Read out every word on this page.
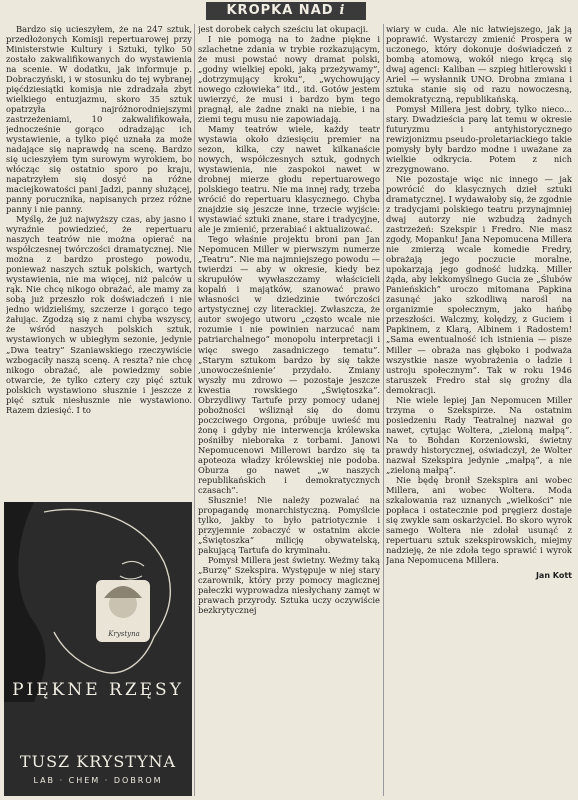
KROPKA NAD i

Bardzo się ucieszyłem, że na 247 sztuk, przedłożonych Komisji repertuarowej przy Ministerstwie Kultury i Sztuki, tylko 50 zostało zakwalifikowanych do wystawienia na scenie. W dodatku, jak informuje p. Dobraczyński, i w stosunku do tej wybranej pięćdziesiątki komisja nie zdradzała zbyt wielkiego entuzjazmu, skoro 35 sztuk opatrzyła najróżnorodniejszymi zastrzeżeniami, 10 zakwalifikowała, jednocześnie gorąco odradzając ich wystawienie, a tylko pięć uznała za może nadające się naprawdę na scenę. Bardzo się ucieszyłem tym surowym wyrokiem, bo włócząc się ostatnio sporo po kraju, napatrzyłem się dosyć na różne maciejkowatości pani Jadzi, panny służącej, panny porucznika, napisanych przez różne panny i nie panny.

Myślę, że już najwyższy czas, aby jasno i wyraźnie powiedzieć, że repertuaru naszych teatrów nie można opierać na współczesnej twórczości dramatycznej. Nie można z bardzo prostego powodu, ponieważ naszych sztuk polskich, wartych wystawienia, nie ma więcej, niż palców u rąk. Nie chcę nikogo obrażać, ale mamy za sobą już przeszło rok doświadczeń i nie jedno widzieliśmy, szczerze i gorąco tego żałując. Zgodzą się z nami chyba wszyscy, że wśród naszych polskich sztuk, wystawionych w ubiegłym sezonie, jedynie „Dwa teatry” Szaniawskiego rzeczywiście wzbogaciły naszą scenę. A reszta? nie chcę nikogo obrażać, ale powiedzmy sobie otwarcie, że tylko cztery czy pięć sztuk polskich wystawiono słusznie i jeszcze z pięć sztuk niesłusznie nie wystawiono. Razem dziesięć. I to

jest dorobek całych sześciu lat okupacji.

I nie pomogą na to żadne piękne i szlachetne zdania w trybie rozkazującym, że musi powstać nowy dramat polski, „godny wielkiej epoki, jaką przeżywamy”, „dotrzymujący kroku”, „wychowujący nowego człowieka” itd., itd. Gotów jestem uwierzyć, że musi i bardzo bym tego pragnął, ale żadne znaki na niebie, i na ziemi tegu musu nie zapowiadają.

Mamy teatrów wiele, każdy teatr wystawia około dziesięciu premier na sezon, kilka, czy nawet kilkanaście nowych, współczesnych sztuk, godnych wystawienia, nie zaspokoi nawet w drobnej mierze głodu repertuarowego polskiego teatru. Nie ma innej rady, trzeba wrócić do repertuaru klasycznego. Chyba znajdzie się jeszcze inne, trzecie wyjście: wystawiać sztuki znane, stare i tradycyjne, ale je zmienić, przerabiać i aktualizować.

Tego właśnie projektu broni pan Jan Nepomucen Miller w pierwszym numerze „Teatru”. Nie ma najmniejszego powodu — twierdzi — aby w okresie, kiedy bez skrupułów wywłaszczamy właścicieli kopalń i majątków, szanować prawo własności w dziedzinie twórczości artystycznej czy literackiej. Zwłaszcza, że autor swojego utworu „często wcale nie rozumie i nie powinien narzucać nam patriarchalnego” monopolu interpretacji i więc swego zasadniczego tematu”. „Starym sztukom bardzo by się także ‚unowocześnienie’ przydało. Zmiany wyszły mu zdrowo — pozostaje jeszcze kwestia rowskiego „Świętoszka”. Obrzydliwy Tartufe przy pomocy udanej pobożności wśliznął się do domu poczciwego Orgona, próbuje uwieść mu żonę i gdyby nie interwencja królewska pośniłby nieboraka z torbami. Janowi Nepomucenowi Millerowi bardzo się ta apoteoza władzy królewskiej nie podoba. Oburza go nawet „w naszych republikańskich i demokratycznych czasach”.

Słusznie! Nie należy pozwalać na propagandę monarchistyczną. Pomyślcie tylko, jakby to było patriotycznie i przyjemnie zobaczyć w ostatnim akcie „Świętoszka” milicję obywatelską, pakującą Tartufa do kryminału.

Pomysł Millera jest świetny. Weźmy taką „Burzę” Szekspira. Występuje w niej stary czarownik, który przy pomocy magicznej pałeczki wyprowadza niesłychany zamęt w prawach przyrody. Sztuka uczy oczywiście bezkrytycznej

wiary w cuda. Ale nic łatwiejszego, jak ją poprawić. Wystarczy zmienić Prospera w uczonego, który dokonuje doświadczeń z bombą atomową, wokół niego kręcą się dwaj agenci: Kaliban — szpieg hitlerowski i Ariel — wysłannik UNO. Drobna zmiana i sztuka stanie się od razu nowoczesną, demokratyczną, republikańską.

Pomysł Millera jest dobry, tylko nieco... stary. Dwadzieścia parę lat temu w okresie futuryzmu i antyhistorycznego rewizjonizmu pseudo-proletariackiego takie pomysły były bardzo modne i uważane za wielkie odkrycia. Potem z nich zrezygnowano.

Nie pozostaje więc nic innego — jak powrócić do klasycznych dzieł sztuki dramatycznej. I wydawałoby się, że zgodnie z tradycjami polskiego teatru przynajmniej dwaj autorzy nie wzbudzą żadnych zastrzeżeń: Szekspir i Fredro. Nie masz zgody, Mopanku! Jana Nepomucena Millera nie zmierzą wcale komedie Fredry, obrażają jego poczucie moralne, upokarzają jego godność ludzką. Miller żąda, aby lekkomyślnego Gucia ze „Ślubów Panieńskich” uroczo mitomana Papkina zasunąć jako szkodliwą narośl na organizmie społecznym, jako hańbę przeszłości. Walczmy, kolędzy, z Guciem i Papkinem, z Klarą, Albinem i Radostem! „Sama ewentualność ich istnienia — pisze Miller — obraża nas głęboko i podważa wszystkie nasze wyobrażenia o ładzie i ustroju społecznym”. Tak w roku 1946 staruszek Fredro stał się groźny dla demokracji.

Nie wiele lepiej Jan Nepomucen Miller trzyma o Szekspirze. Na ostatnim posiedzeniu Rady Teatralnej nazwał go nawet, cytując Woltera, „zieloną małpą”. Na to Bohdan Korzeniowski, świetny prawdy historycznej, oświadczył, że Wolter nazwał Szekspira jedynie „małpą”, a nie „zieloną małpą”.

Nie będę bronił Szekspira ani wobec Millera, ani wobec Woltera. Moda szkalowania raz uznanych „wielkości” nie popłaca i ostatecznie pod pręgierz dostaje się zwykle sam oskarżyciel. Bo skoro wyrok samego Woltera nie zdołał usunąć z repertuaru sztuk szekspirowskich, miejmy nadzieję, że nie zdoła tego sprawić i wyrok Jana Nepomucena Millera.

Jan Kott
Krystyna
PIĘKNE RZĘSY
TUSZ KRYSTYNA
LAB · CHEM · DOBROM
